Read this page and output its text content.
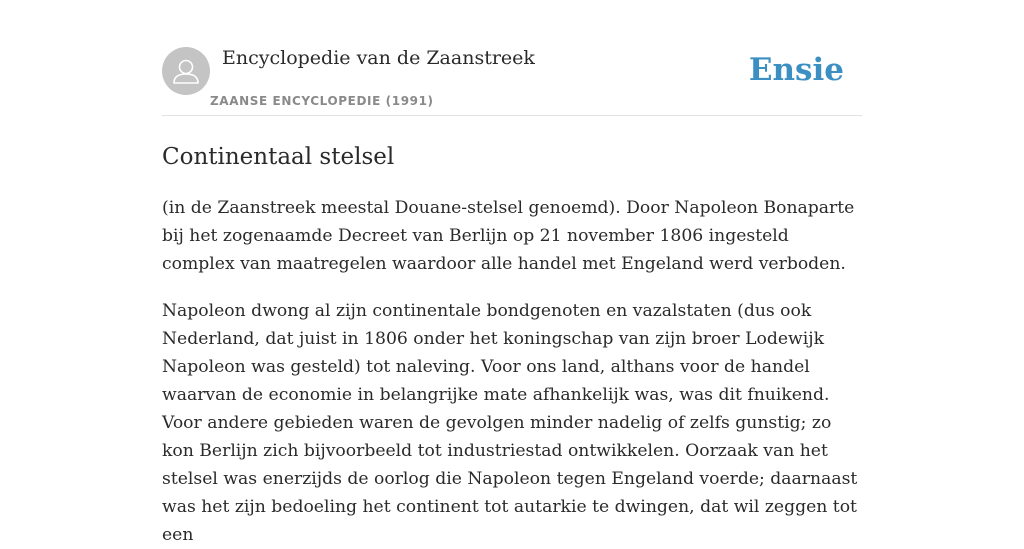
Encyclopedie van de Zaanstreek
ZAANSE ENCYCLOPEDIE (1991)
Ensie
Continentaal stelsel

(in de Zaanstreek meestal Douane-stelsel genoemd). Door Napoleon Bonaparte bij het zogenaamde Decreet van Berlijn op 21 november 1806 ingesteld complex van maatregelen waardoor alle handel met Engeland werd verboden.

Napoleon dwong al zijn continentale bondgenoten en vazalstaten (dus ook Nederland, dat juist in 1806 onder het koningschap van zijn broer Lodewijk Napoleon was gesteld) tot naleving. Voor ons land, althans voor de handel waarvan de economie in belangrijke mate afhankelijk was, was dit fnuikend. Voor andere gebieden waren de gevolgen minder nadelig of zelfs gunstig; zo kon Berlijn zich bijvoorbeeld tot industriestad ontwikkelen. Oorzaak van het stelsel was enerzijds de oorlog die Napoleon tegen Engeland voerde; daarnaast was het zijn bedoeling het continent tot autarkie te dwingen, dat wil zeggen tot een
